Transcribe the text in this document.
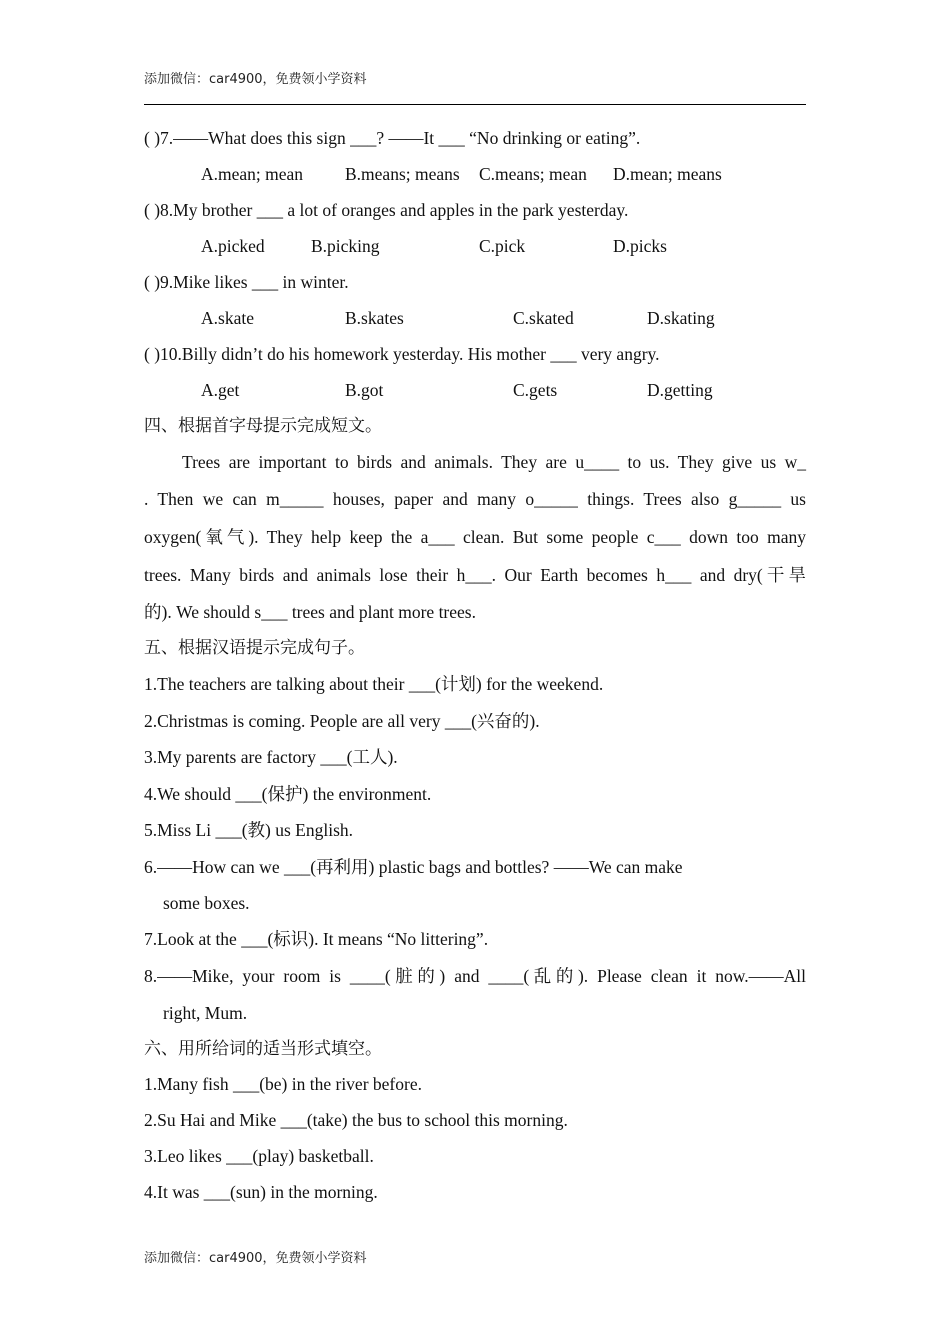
添加微信：car4900，免费领小学资料
( )7.——What does this sign ___? ——It ___ “No drinking or eating”.
A.mean; mean B.means; means C.means; mean D.mean; means
( )8.My brother ___ a lot of oranges and apples in the park yesterday.
A.picked	B.picking	C.pick	D.picks
( )9.Mike likes ___ in winter.
A.skate	B.skates	C.skated	D.skating
( )10.Billy didn’t do his homework yesterday. His mother ___ very angry.
A.get	B.got	C.gets	D.getting
四、根据首字母提示完成短文。
Trees are important to birds and animals. They are u____ to us. They give us w_
. Then we can m_____ houses, paper and many o_____ things. Trees also g_____ us
oxygen(氧气). They help keep the a___ clean. But some people c___ down too many
trees. Many birds and animals lose their h___. Our Earth becomes h___ and dry(干旱
的). We should s___ trees and plant more trees.
五、根据汉语提示完成句子。
1.The teachers are talking about their ___(计划) for the weekend.
2.Christmas is coming. People are all very ___(兴奋的).
3.My parents are factory ___(工人).
4.We should ___(保护) the environment.
5.Miss Li ___(教) us English.
6.——How can we ___(再利用) plastic bags and bottles? ——We can make
some boxes.
7.Look at the ___(标识). It means “No littering”.
8.——Mike, your room is ____(脏的) and ____(乱的). Please clean it now.——All
right, Mum.
六、用所给词的适当形式填空。
1.Many fish ___(be) in the river before.
2.Su Hai and Mike ___(take) the bus to school this morning.
3.Leo likes ___(play) basketball.
4.It was ___(sun) in the morning.
添加微信：car4900，免费领小学资料
